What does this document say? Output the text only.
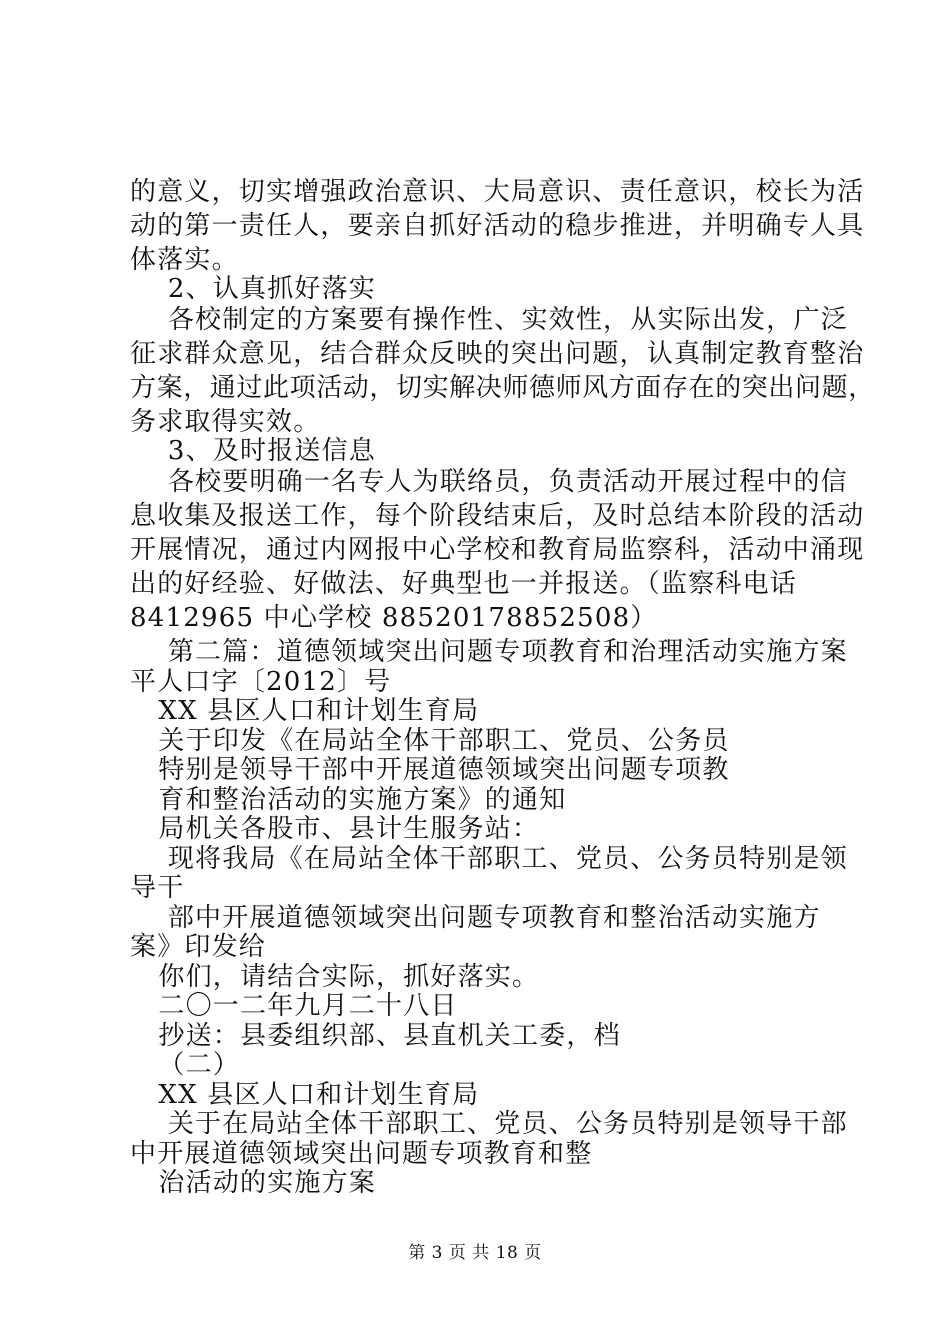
的意义，切实增强政治意识、大局意识、责任意识，校长为活
动的第一责任人，要亲自抓好活动的稳步推进，并明确专人具
体落实。
2、认真抓好落实
各校制定的方案要有操作性、实效性，从实际出发，广泛
征求群众意见，结合群众反映的突出问题，认真制定教育整治
方案，通过此项活动，切实解决师德师风方面存在的突出问题，
务求取得实效。
3、及时报送信息
各校要明确一名专人为联络员，负责活动开展过程中的信
息收集及报送工作，每个阶段结束后，及时总结本阶段的活动
开展情况，通过内网报中心学校和教育局监察科，活动中涌现
出的好经验、好做法、好典型也一并报送。（监察科电话
8412965 中心学校 88520178852508）
第二篇：道德领域突出问题专项教育和治理活动实施方案
平人口字〔2012〕号
XX 县区人口和计划生育局
关于印发《在局站全体干部职工、党员、公务员
特别是领导干部中开展道德领域突出问题专项教
育和整治活动的实施方案》的通知
局机关各股市、县计生服务站：
现将我局《在局站全体干部职工、党员、公务员特别是领
导干
部中开展道德领域突出问题专项教育和整治活动实施方
案》印发给
你们，请结合实际，抓好落实。
二〇一二年九月二十八日
抄送：县委组织部、县直机关工委，档
（二）
XX 县区人口和计划生育局
关于在局站全体干部职工、党员、公务员特别是领导干部
中开展道德领域突出问题专项教育和整
治活动的实施方案
第 3 页 共 18 页
